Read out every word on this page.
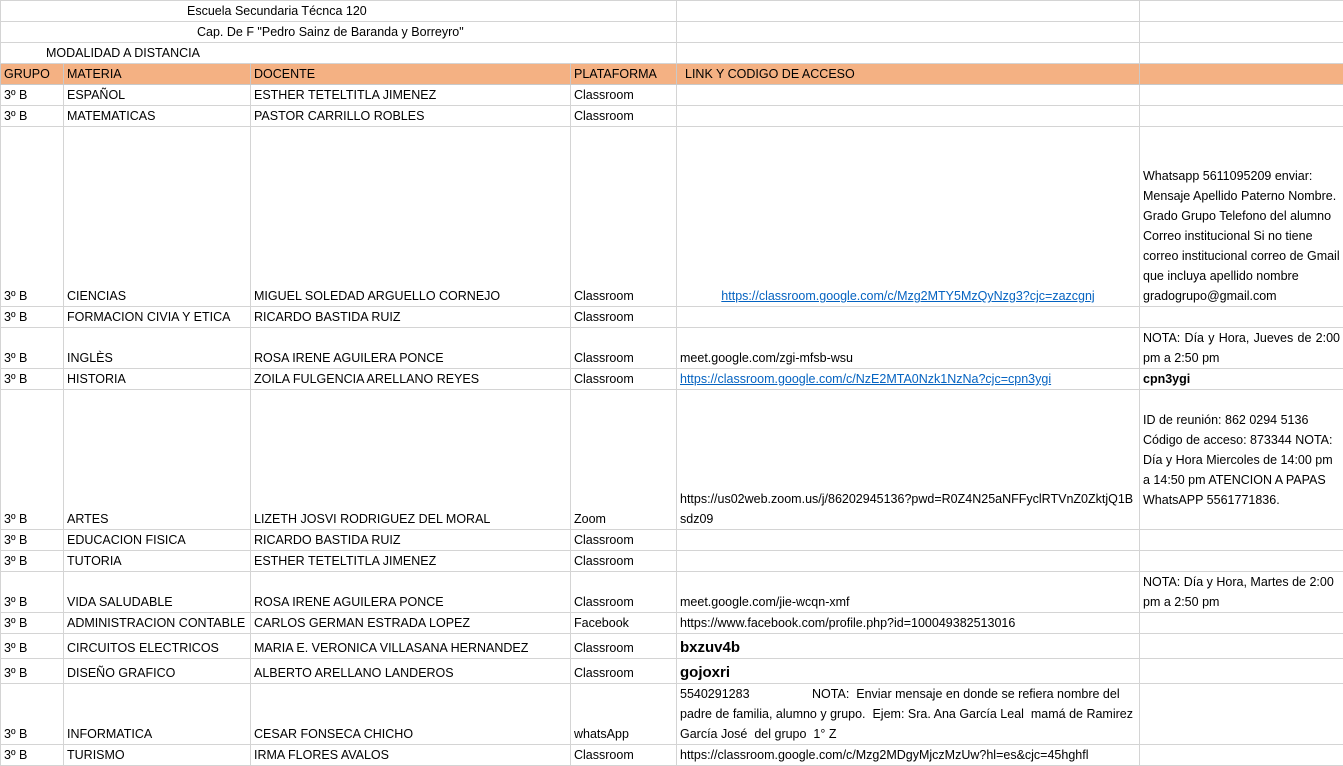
Escuela Secundaria Técnca 120					
Cap. De F "Pedro Sainz de Baranda y Borreyro"					
MODALIDAD A DISTANCIA					
GRUPO	MATERIA	DOCENTE	PLATAFORMA	LINK Y CODIGO DE ACCESO	
3º B	ESPAÑOL	ESTHER TETELTITLA JIMENEZ	Classroom		
3º B	MATEMATICAS	PASTOR CARRILLO ROBLES	Classroom		
3º B	CIENCIAS	MIGUEL SOLEDAD ARGUELLO CORNEJO	Classroom	https://classroom.google.com/c/Mzg2MTY5MzQyNzg3?cjc=zazcgnj	Whatsapp 5611095209 enviar: Mensaje Apellido Paterno Nombre. Grado Grupo Telefono del alumno Correo institucional Si no tiene correo institucional correo de Gmail que incluya apellido nombre gradogrupo@gmail.com
3º B	FORMACION CIVIA Y ETICA	RICARDO BASTIDA RUIZ	Classroom		
3º B	INGLÈS	ROSA IRENE AGUILERA PONCE	Classroom	meet.google.com/zgi-mfsb-wsu	NOTA: Día y Hora, Jueves de 2:00 pm a 2:50 pm
3º B	HISTORIA	ZOILA FULGENCIA ARELLANO REYES	Classroom	https://classroom.google.com/c/NzE2MTA0Nzk1NzNa?cjc=cpn3ygi	cpn3ygi
3º B	ARTES	LIZETH JOSVI RODRIGUEZ DEL MORAL	Zoom	https://us02web.zoom.us/j/86202945136?pwd=R0Z4N25aNFFyclRTVnZ0ZktjQ1Bsdz09	ID de reunión: 862 0294 5136 Código de acceso: 873344 NOTA: Día y Hora Miercoles de 14:00 pm a 14:50 pm ATENCION A PAPAS WhatsAPP 5561771836.
3º B	EDUCACION FISICA	RICARDO BASTIDA RUIZ	Classroom		
3º B	TUTORIA	ESTHER TETELTITLA JIMENEZ	Classroom		
3º B	VIDA SALUDABLE	ROSA IRENE AGUILERA PONCE	Classroom	meet.google.com/jie-wcqn-xmf	NOTA: Día y Hora, Martes de 2:00 pm a 2:50 pm
3º B	ADMINISTRACION CONTABLE	CARLOS GERMAN ESTRADA LOPEZ	Facebook	https://www.facebook.com/profile.php?id=100049382513016	
3º B	CIRCUITOS ELECTRICOS	MARIA E. VERONICA VILLASANA HERNANDEZ	Classroom	bxzuv4b	
3º B	DISEÑO GRAFICO	ALBERTO ARELLANO LANDEROS	Classroom	gojoxri	
3º B	INFORMATICA	CESAR FONSECA CHICHO	whatsApp	5540291283                  NOTA:  Enviar mensaje en donde se refiera nombre del padre de familia, alumno y grupo.  Ejem: Sra. Ana García Leal  mamá de Ramirez García José  del grupo  1° Z	
3º B	TURISMO	IRMA FLORES AVALOS	Classroom	https://classroom.google.com/c/Mzg2MDgyMjczMzUw?hl=es&cjc=45hghfl	
